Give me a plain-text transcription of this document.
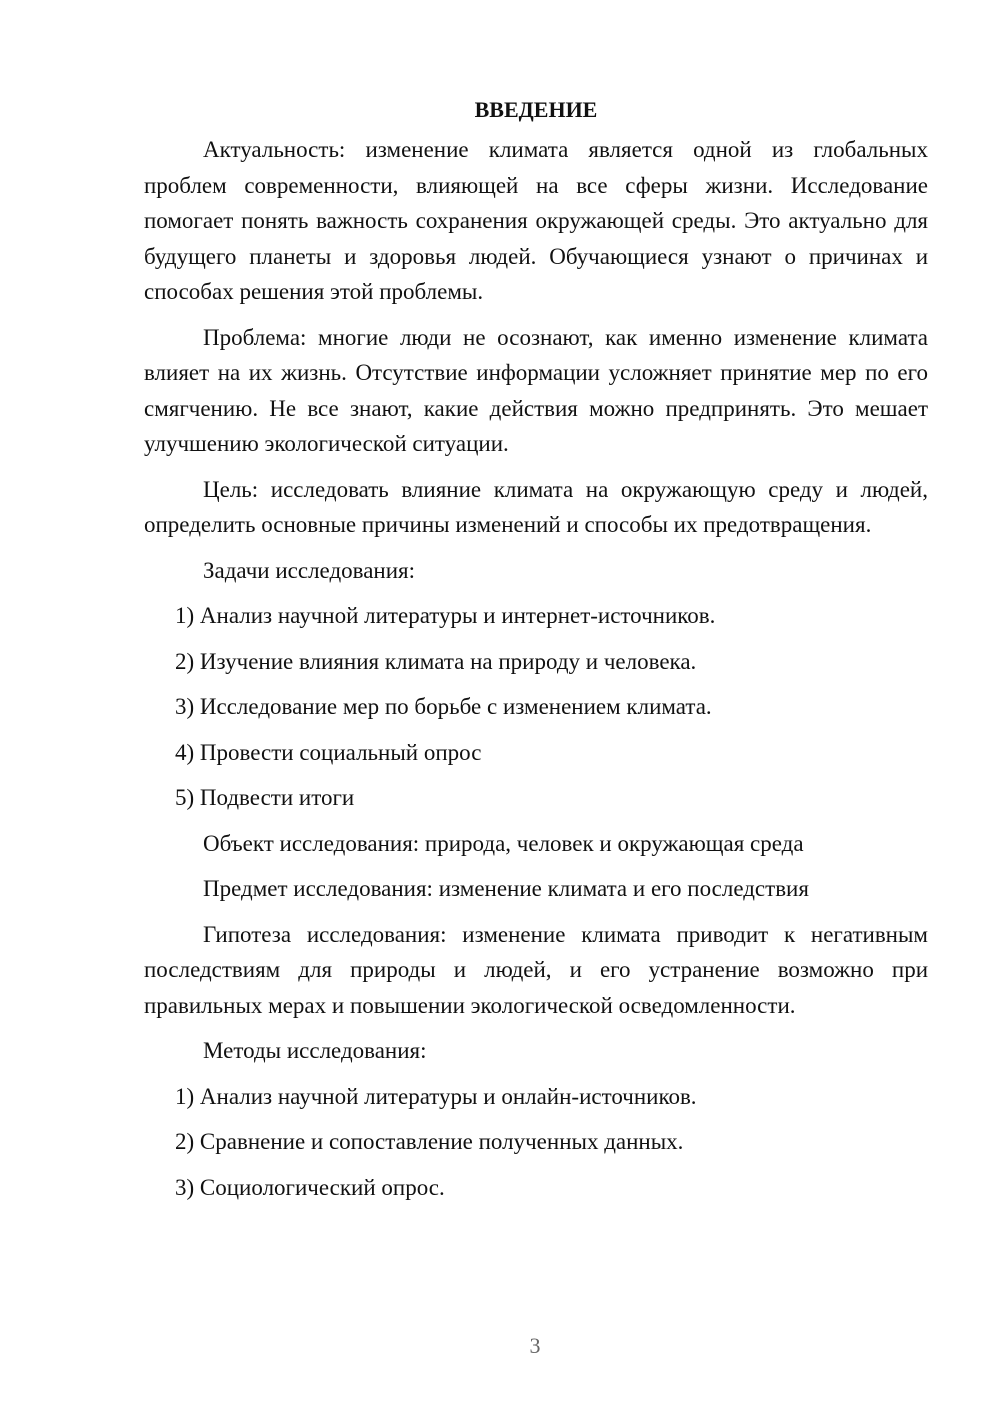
ВВЕДЕНИЕ

Актуальность: изменение климата является одной из глобальных проблем современности, влияющей на все сферы жизни. Исследование помогает понять важность сохранения окружающей среды. Это актуально для будущего планеты и здоровья людей. Обучающиеся узнают о причинах и способах решения этой проблемы.

Проблема: многие люди не осознают, как именно изменение климата влияет на их жизнь. Отсутствие информации усложняет принятие мер по его смягчению. Не все знают, какие действия можно предпринять. Это мешает улучшению экологической ситуации.

Цель: исследовать влияние климата на окружающую среду и людей, определить основные причины изменений и способы их предотвращения.

Задачи исследования:
1) Анализ научной литературы и интернет-источников.
2) Изучение влияния климата на природу и человека.
3) Исследование мер по борьбе с изменением климата.
4) Провести социальный опрос
5) Подвести итоги
Объект исследования: природа, человек и окружающая среда
Предмет исследования: изменение климата и его последствия

Гипотеза исследования: изменение климата приводит к негативным последствиям для природы и людей, и его устранение возможно при правильных мерах и повышении экологической осведомленности.

Методы исследования:
1) Анализ научной литературы и онлайн-источников.
2) Сравнение и сопоставление полученных данных.
3) Социологический опрос.
3
